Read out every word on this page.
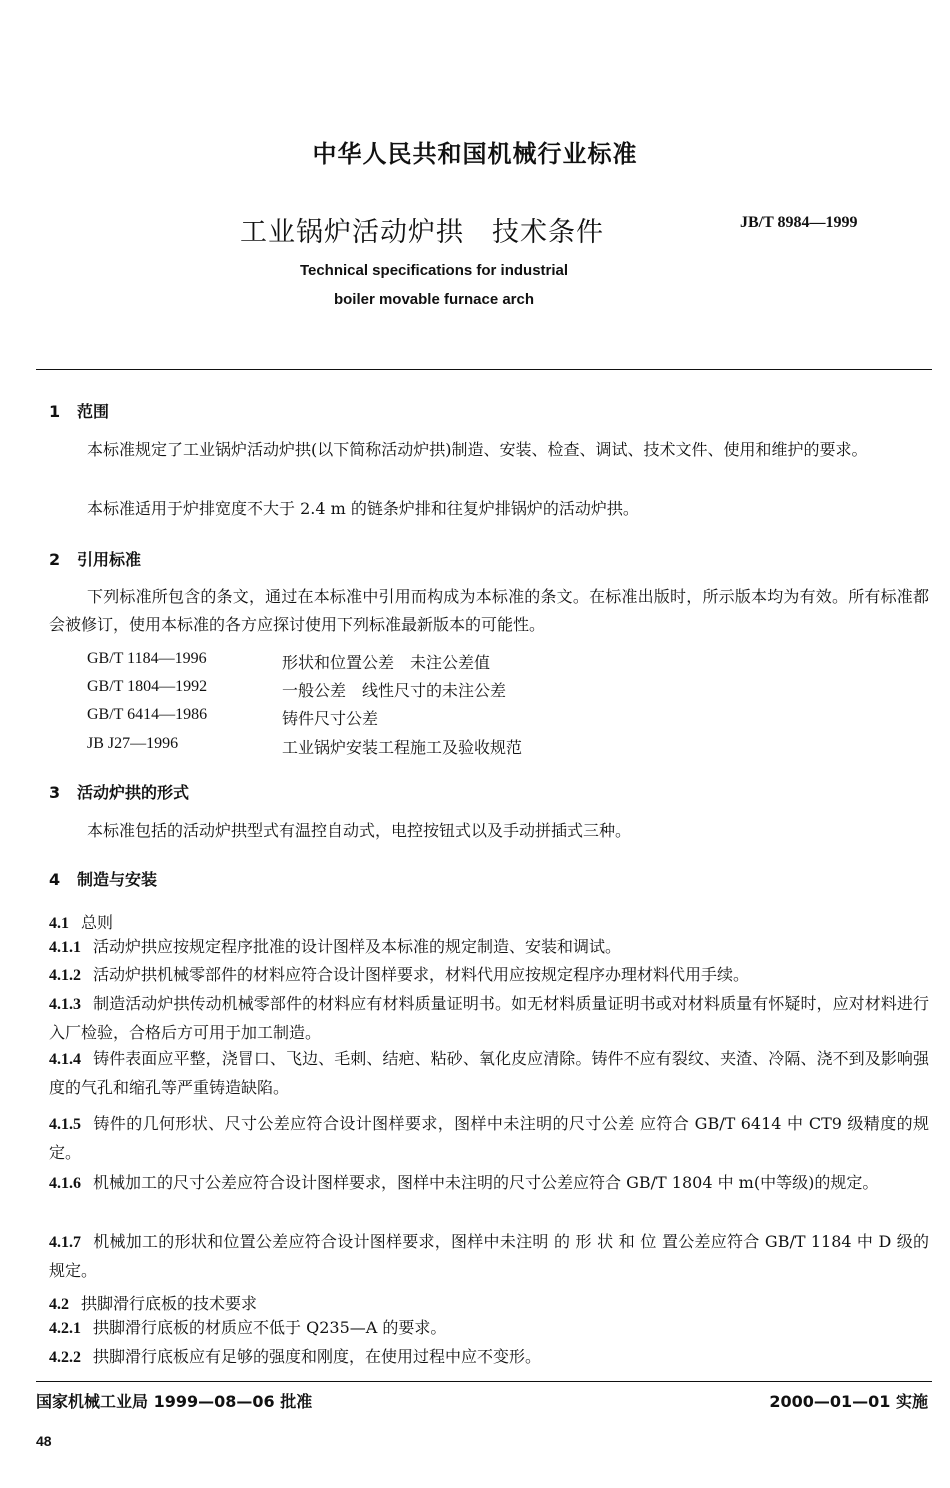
中华人民共和国机械行业标准
工业锅炉活动炉拱　技术条件	JB/T 8984—1999
Technical specifications for industrial
boiler movable furnace arch
1 范围
本标准规定了工业锅炉活动炉拱(以下简称活动炉拱)制造、安装、检查、调试、技术文件、使用和维护的要求。
本标准适用于炉排宽度不大于 2.4 m 的链条炉排和往复炉排锅炉的活动炉拱。
2 引用标准
下列标准所包含的条文，通过在本标准中引用而构成为本标准的条文。在标准出版时，所示版本均为有效。所有标准都会被修订，使用本标准的各方应探讨使用下列标准最新版本的可能性。
GB/T 1184—1996	形状和位置公差　未注公差值
GB/T 1804—1992	一般公差　线性尺寸的未注公差
GB/T 6414—1986	铸件尺寸公差
JB J27—1996	工业锅炉安装工程施工及验收规范
3 活动炉拱的形式
本标准包括的活动炉拱型式有温控自动式，电控按钮式以及手动拼插式三种。
4 制造与安装
4.1 总则
4.1.1 活动炉拱应按规定程序批准的设计图样及本标准的规定制造、安装和调试。
4.1.2 活动炉拱机械零部件的材料应符合设计图样要求，材料代用应按规定程序办理材料代用手续。
4.1.3 制造活动炉拱传动机械零部件的材料应有材料质量证明书。如无材料质量证明书或对材料质量有怀疑时，应对材料进行入厂检验，合格后方可用于加工制造。
4.1.4 铸件表面应平整，浇冒口、飞边、毛刺、结疤、粘砂、氧化皮应清除。铸件不应有裂纹、夹渣、冷隔、浇不到及影响强度的气孔和缩孔等严重铸造缺陷。
4.1.5 铸件的几何形状、尺寸公差应符合设计图样要求，图样中未注明的尺寸公差 应符合 GB/T 6414 中 CT9 级精度的规定。
4.1.6 机械加工的尺寸公差应符合设计图样要求，图样中未注明的尺寸公差应符合 GB/T 1804 中 m(中等级)的规定。
4.1.7 机械加工的形状和位置公差应符合设计图样要求，图样中未注明 的 形 状 和 位 置公差应符合 GB/T 1184 中 D 级的规定。
4.2 拱脚滑行底板的技术要求
4.2.1 拱脚滑行底板的材质应不低于 Q235—A 的要求。
4.2.2 拱脚滑行底板应有足够的强度和刚度，在使用过程中应不变形。
国家机械工业局 1999—08—06 批准	2000—01—01 实施
48
